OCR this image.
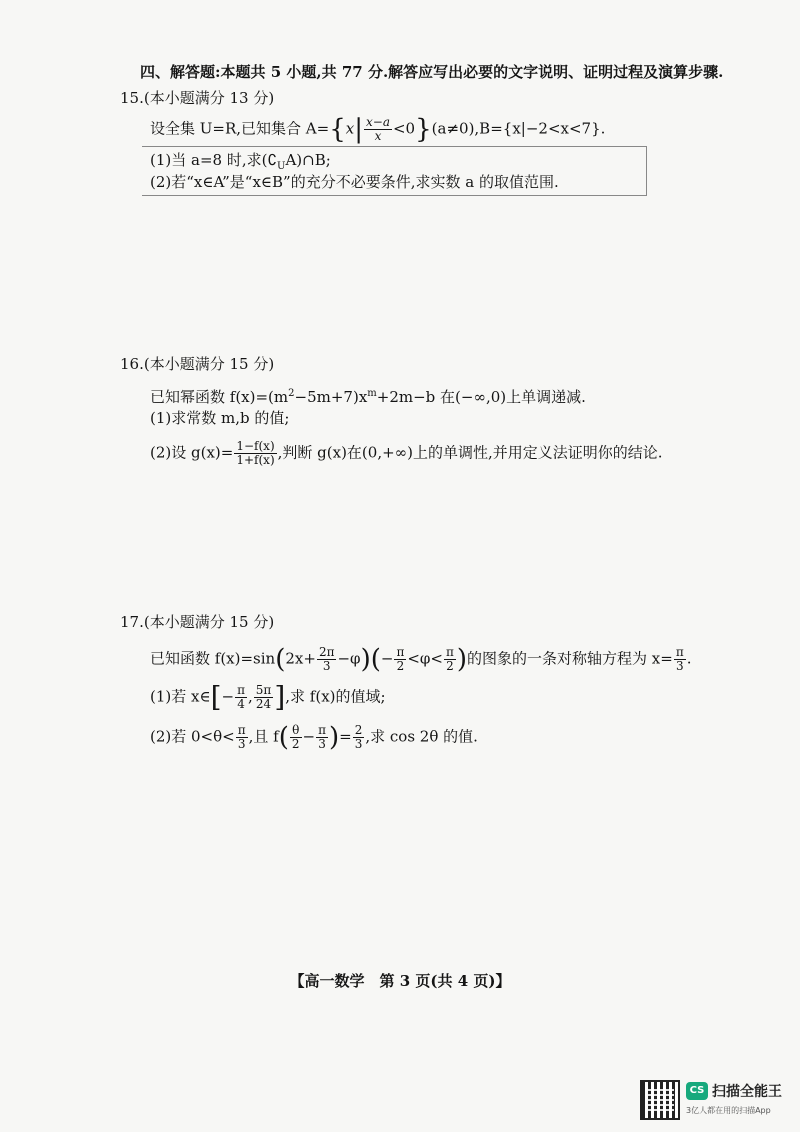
四、解答题:本题共 5 小题,共 77 分.解答应写出必要的文字说明、证明过程及演算步骤.
15.(本小题满分 13 分)
设全集 U=R,已知集合 $A=\{x| \frac{x-a}{x} <0\}(a\ne 0),B=\{x|-2<x<7\}$.
(1)当 a=8 时,求$(∁_UA)\cap B$;
(2)若“x∈A”是“x∈B”的充分不必要条件,求实数 a 的取值范围.
16.(本小题满分 15 分)
已知幂函数 $f(x)=(m^2-5m+7)x^m+2m-b$ 在(−∞,0)上单调递减.
(1)求常数 m,b 的值;
(2)设 $g(x)= \frac{1-f(x)}{1+f(x)}$ ,判断 g(x)在(0,+∞)上的单调性,并用定义法证明你的结论.
17.(本小题满分 15 分)
已知函数 $f(x)=\sin(2x+ \frac{2\pi}{3} -\varphi)(- \frac{\pi}{2} <\varphi< \frac{\pi}{2}$ )的图象的一条对称轴方程为 $x= \frac{\pi}{3}$ .
(1)若 x∈[− $\frac{\pi}{4}$ , $\frac{5\pi}{24}$ ],求 f(x)的值域;
(2)若 $0<\theta< \frac{\pi}{3}$ ,且 $f( \frac{\theta}{2} - \frac{\pi}{3}$ )= $\frac{2}{3}$ ,求 cos 2θ 的值.
【高一数学　第 3 页(共 4 页)】
CS 扫描全能王
3亿人都在用的扫描App
